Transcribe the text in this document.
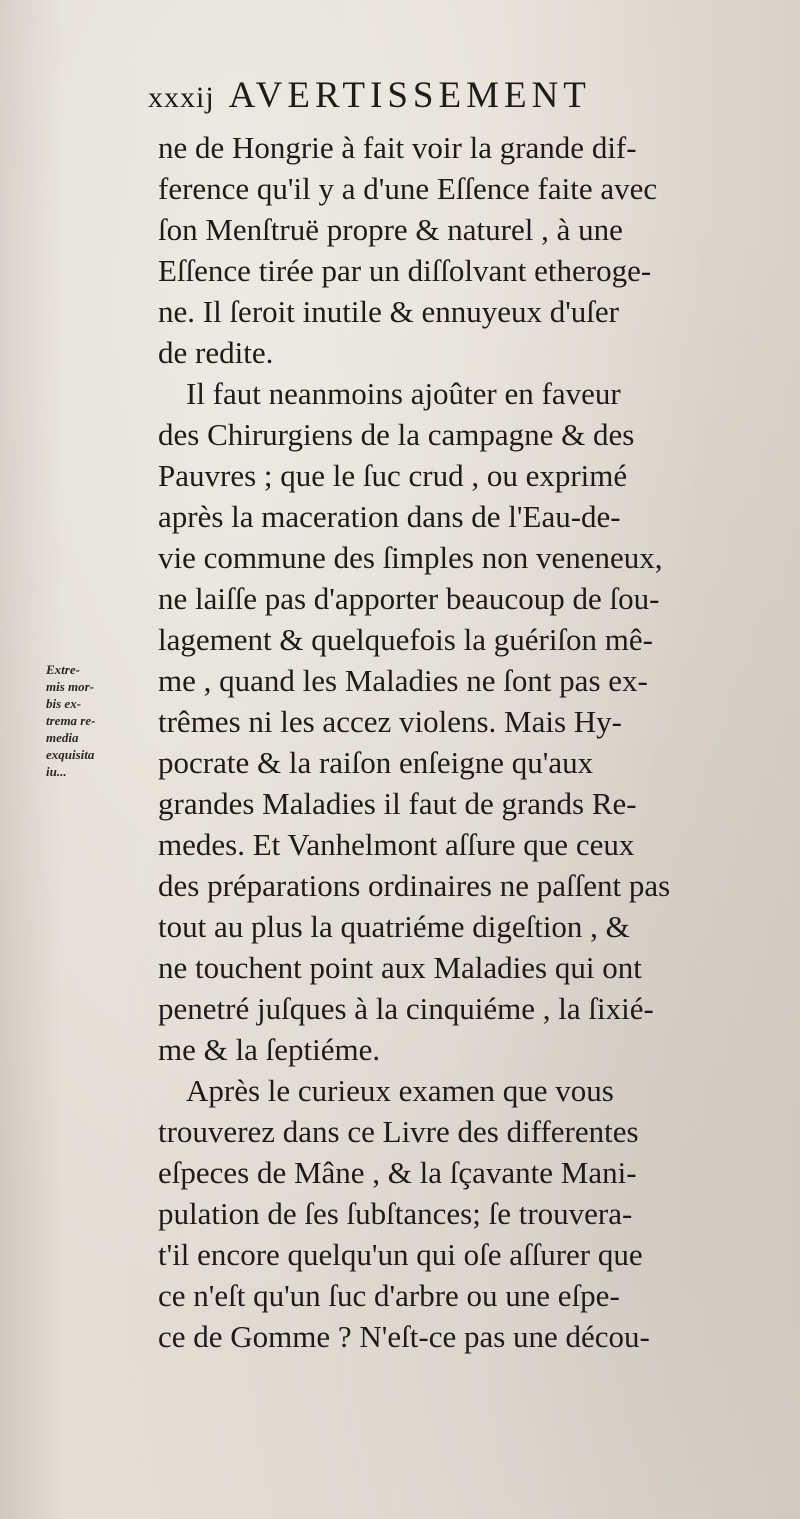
xxxij AVERTISSEMENT
Extre-
mis mor-
bis ex-
trema re-
media
exquisita
iu...
ne de Hongrie à fait voir la grande dif-
ference qu'il y a d'une Eſſence faite avec
ſon Menſtruë propre & naturel , à une
Eſſence tirée par un diſſolvant etheroge-
ne. Il ſeroit inutile & ennuyeux d'uſer
de redite.
Il faut neanmoins ajoûter en faveur
des Chirurgiens de la campagne & des
Pauvres ; que le ſuc crud , ou exprimé
après la maceration dans de l'Eau-de-
vie commune des ſimples non veneneux,
ne laiſſe pas d'apporter beaucoup de ſou-
lagement & quelquefois la guériſon mê-
me , quand les Maladies ne ſont pas ex-
trêmes ni les accez violens. Mais Hy-
pocrate & la raiſon enſeigne qu'aux
grandes Maladies il faut de grands Re-
medes. Et Vanhelmont aſſure que ceux
des préparations ordinaires ne paſſent pas
tout au plus la quatriéme digeſtion , &
ne touchent point aux Maladies qui ont
penetré juſques à la cinquiéme , la ſixié-
me & la ſeptiéme.
Après le curieux examen que vous
trouverez dans ce Livre des differentes
eſpeces de Mâne , & la ſçavante Mani-
pulation de ſes ſubſtances; ſe trouvera-
t'il encore quelqu'un qui oſe aſſurer que
ce n'eſt qu'un ſuc d'arbre ou une eſpe-
ce de Gomme ? N'eſt-ce pas une décou-
